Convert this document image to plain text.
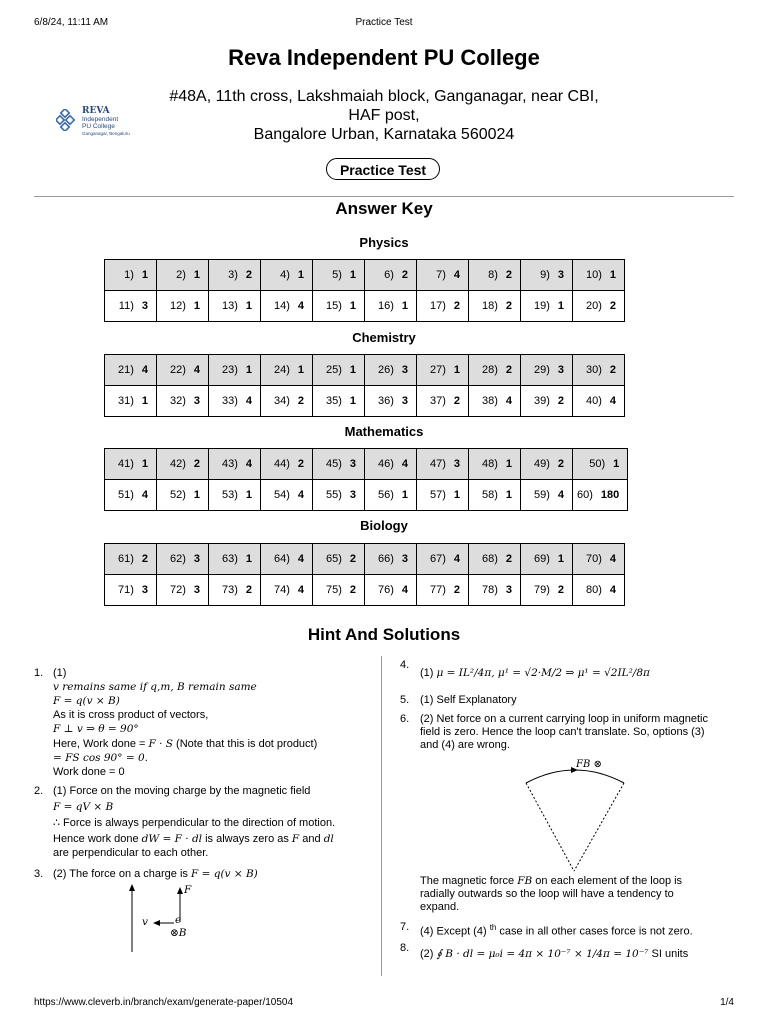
6/8/24, 11:11 AM	Practice Test
REVA
Independent
PU College
Ganganagar, Bengaluru
Reva Independent PU College
#48A, 11th cross, Lakshmaiah block, Ganganagar, near CBI,
HAF post,
Bangalore Urban, Karnataka 560024
Practice Test
Answer Key
Physics
1) 1	2) 1	3) 2	4) 1	5) 1	6) 2	7) 4	8) 2	9) 3	10) 1
11) 3	12) 1	13) 1	14) 4	15) 1	16) 1	17) 2	18) 2	19) 1	20) 2
Chemistry
21) 4	22) 4	23) 1	24) 1	25) 1	26) 3	27) 1	28) 2	29) 3	30) 2
31) 1	32) 3	33) 4	34) 2	35) 1	36) 3	37) 2	38) 4	39) 2	40) 4
Mathematics
41) 1	42) 2	43) 4	44) 2	45) 3	46) 4	47) 3	48) 1	49) 2	50) 1
51) 4	52) 1	53) 1	54) 4	55) 3	56) 1	57) 1	58) 1	59) 4	60) 180
Biology
61) 2	62) 3	63) 1	64) 4	65) 2	66) 3	67) 4	68) 2	69) 1	70) 4
71) 3	72) 3	73) 2	74) 4	75) 2	76) 4	77) 2	78) 3	79) 2	80) 4
Hint And Solutions
1. (1)
v remains same if q,m, B remain same
F = q(v × B)
As it is cross product of vectors,
F ⊥ v ⇒ θ = 90°
Here, Work done = F · S (Note that this is dot product)
= FS cos 90° = 0.
Work done = 0
2. (1) Force on the moving charge by the magnetic field
F = qV × B
∴ Force is always perpendicular to the direction of motion.
Hence work done dW = F · dl is always zero as F and dl
are perpendicular to each other.
3. (2) The force on a charge is F = q(v × B)
F
v	e
⊗B
4.
(1) μ = IL²/4π, μ¹ = √2·M/2 ⇒ μ¹ = √2IL²/8π
5. (1) Self Explanatory
6. (2) Net force on a current carrying loop in uniform magnetic
field is zero. Hence the loop can't translate. So, options (3)
and (4) are wrong.
FB ⊗
The magnetic force FB on each element of the loop is
radially outwards so the loop will have a tendency to
expand.
7. (4) Except (4) $^{th}$ case in all other cases force is not zero.
8. (2) ∮ B · dl = μ₀i = 4π × 10⁻⁷ × 1/4π = 10⁻⁷ SI units
https://www.cleverb.in/branch/exam/generate-paper/10504	1/4
